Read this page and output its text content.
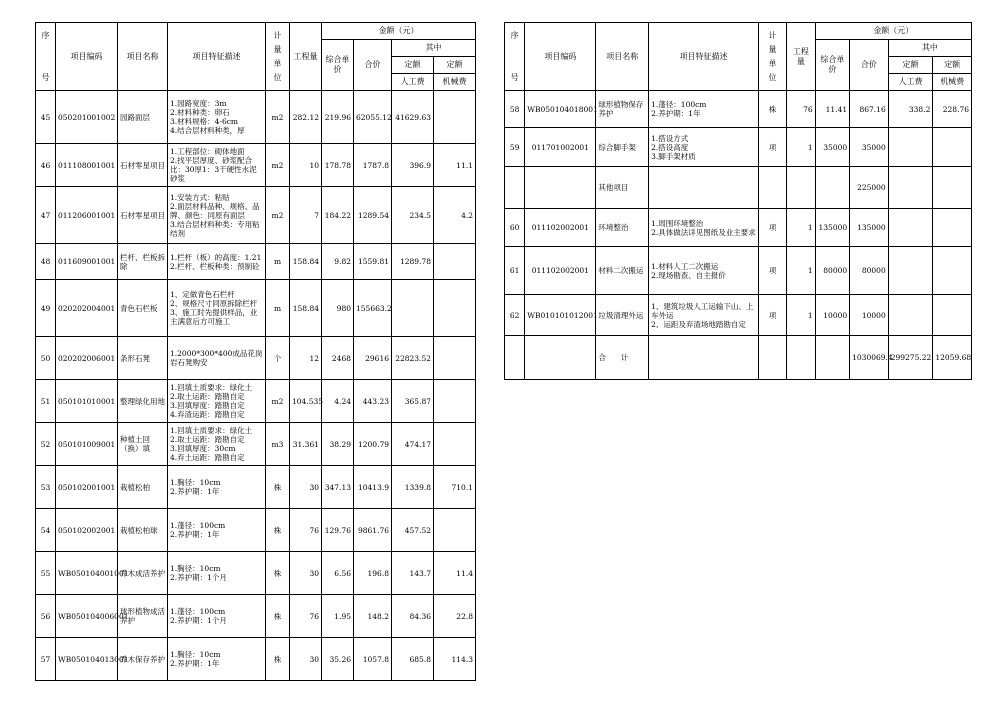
序

号	项目编码	项目名称	项目特征描述	计
量
单
位	工程量	金额（元）			
						综合单价	合价	其中	
								定额	定额
								人工费	机械费
45	050201001002	园路面层	1.园路宽度：3m
2.材料种类：卵石
3.材料规格：4-6cm
4.结合层材料种类，厚	m2	282.12	219.96	62055.12	41629.63	
46	011108001001	石材零星项目	1.工程部位：砌体地面
2.找平层厚度、砂浆配合比：30厚1：3干硬性水泥砂浆	m2	10	178.78	1787.8	396.9	11.1
47	011206001001	石材零星项目	1.安装方式：粘贴
2.面层材料品种、规格、品牌、颜色：同原有面层
3.结合层材料种类：专用粘结剂	m2	7	184.22	1289.54	234.5	4.2
48	011609001001	栏杆、栏板拆除	1.栏杆（板）的高度：1.21
2.栏杆、栏板种类：预制砼	m	158.84	9.82	1559.81	1289.78	
49	020202004001	青色石栏板	1、定做青色石栏杆
2、规格尺寸同原拆除栏杆
3、施工时先提供样品，业主满意后方可施工	m	158.84	980	155663.2		
50	020202006001	条形石凳	1.2000*300*400成品花岗岩石凳购安	个	12	2468	29616	22823.52	
51	050101010001	整理绿化用地	1.回填土质要求：绿化土
2.取土运距：踏勘自定
3.回填厚度：踏勘自定
4.弃渣运距：踏勘自定	m2	104.535	4.24	443.23	365.87	
52	050101009001	种植土回（换）填	1.回填土质要求：绿化土
2.取土运距：踏勘自定
3.回填厚度：30cm
4.弃土运距：踏勘自定	m3	31.361	38.29	1200.79	474.17	
53	050102001001	栽植松柏	1.胸径：10cm
2.养护期：1年	株	30	347.13	10413.9	1339.8	710.1
54	050102002001	栽植松柏球	1.蓬径：100cm
2.养护期：1年	株	76	129.76	9861.76	457.52	
55	WB050104001001	乔木成活养护	1.胸径：10cm
2.养护期：1个月	株	30	6.56	196.8	143.7	11.4
56	WB050104006001	球形植物成活养护	1.蓬径：100cm
2.养护期：1个月	株	76	1.95	148.2	84.36	22.8
57	WB050104013001	乔木保存养护	1.胸径：10cm
2.养护期：1年	株	30	35.26	1057.8	685.8	114.3
序

号	项目编码	项目名称	项目特征描述	计
量
单
位	工程量	金额（元）			
						综合单价	合价	其中	
								定额	定额
								人工费	机械费
58	WB050104018001	球形植物保存养护	1.蓬径：100cm
2.养护期：1年	株	76	11.41	867.16	338.2	228.76
59	011701002001	综合脚手架	1.搭设方式
2.搭设高度
3.脚手架材质	项	1	35000	35000		
		其他项目					225000		
60	011102002001	环境整治	1.周围环境整治
2.具体做法详见图纸及业主要求	项	1	135000	135000		
61	011102002001	材料二次搬运	1.材料人工二次搬运
2.现场勘查、自主报价	项	1	80000	80000		
62	WB010101012001	垃圾清理外运	1、建筑垃圾人工运输下山、上车外运
2、运距及弃渣场地踏勘自定	项	1	10000	10000		
		合　　计					1030069.4	299275.22	12059.68
